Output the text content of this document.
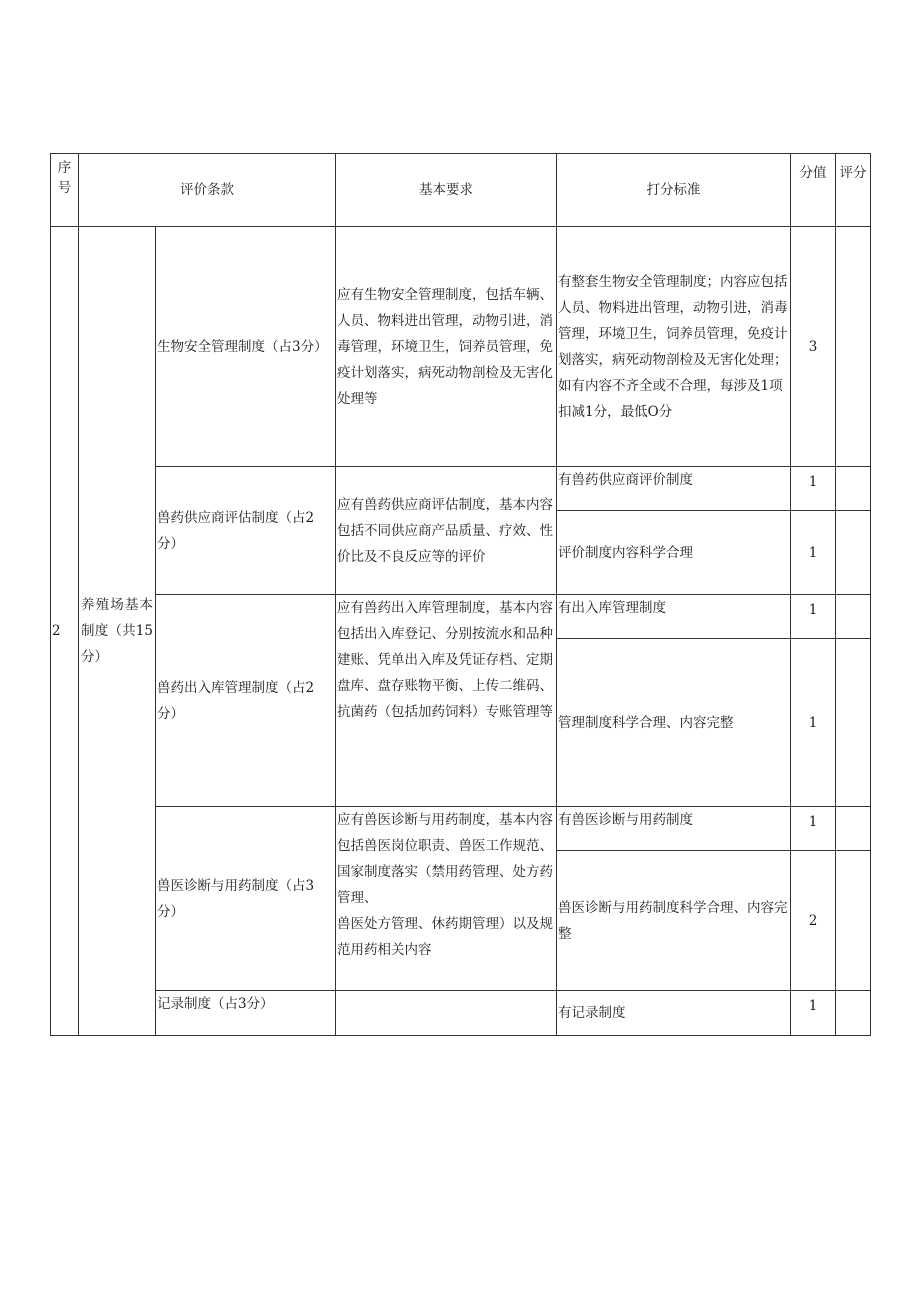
序号	评价条款		基本要求	打分标准	分值	评分
2	养殖场基本制度（共15分）	生物安全管理制度（占3分）	应有生物安全管理制度，包括车辆、人员、物料进出管理，动物引进，消毒管理，环境卫生，饲养员管理，免疫计划落实，病死动物剖检及无害化处理等	有整套生物安全管理制度；内容应包括人员、物料进出管理，动物引进，消毒管理，环境卫生，饲养员管理，免疫计划落实，病死动物剖检及无害化处理；如有内容不齐全或不合理，每涉及1项扣减1分，最低O分	3	
		兽药供应商评估制度（占2分）	应有兽药供应商评估制度，基本内容包括不同供应商产品质量、疗效、性价比及不良反应等的评价	有兽药供应商评价制度	1	
				评价制度内容科学合理	1	
		兽药出入库管理制度（占2分）	应有兽药出入库管理制度，基本内容包括出入库登记、分别按流水和品种建账、凭单出入库及凭证存档、定期盘库、盘存账物平衡、上传二维码、抗菌药（包括加药饲料）专账管理等	有出入库管理制度	1	
				管理制度科学合理、内容完整	1	
		兽医诊断与用药制度（占3分）	应有兽医诊断与用药制度，基本内容包括兽医岗位职责、兽医工作规范、国家制度落实（禁用药管理、处方药管理、
兽医处方管理、休药期管理）以及规范用药相关内容	有兽医诊断与用药制度	1	
				兽医诊断与用药制度科学合理、内容完整	2	
		记录制度（占3分）		有记录制度	1	
